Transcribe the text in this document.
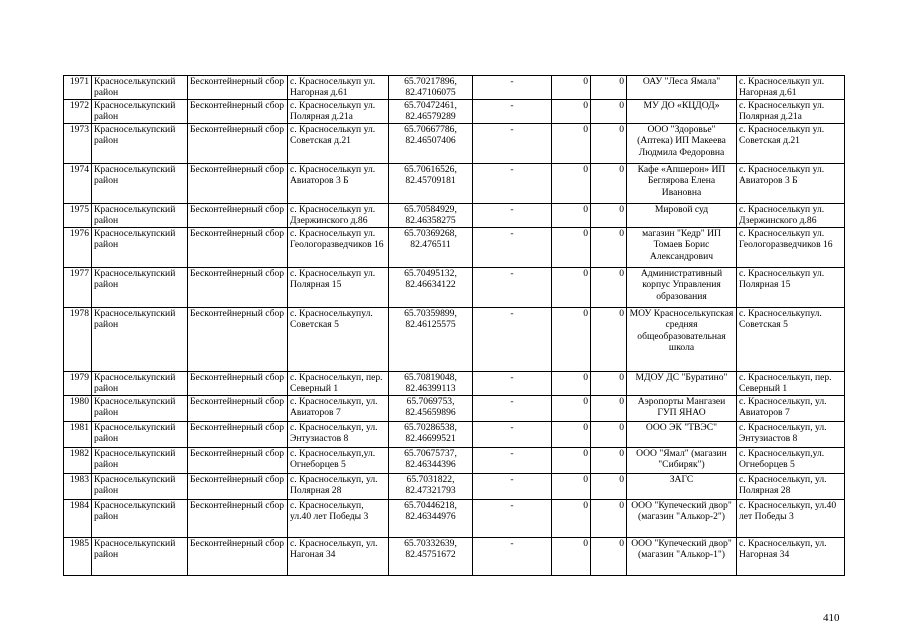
1971	Красноселькупский район	Бесконтейнерный сбор	с. Красноселькуп ул. Нагорная д.61	65.70217896, 82.47106075	-	0	0	ОАУ "Леса Ямала"	с. Красноселькуп ул. Нагорная д.61
1972	Красноселькупский район	Бесконтейнерный сбор	с. Красноселькуп ул. Полярная д.21а	65.70472461, 82.46579289	-	0	0	МУ ДО «КЦДОД»	с. Красноселькуп ул. Полярная д.21а
1973	Красноселькупский район	Бесконтейнерный сбор	с. Красноселькуп ул. Советская д.21	65.70667786, 82.46507406	-	0	0	ООО "Здоровье" (Аптека) ИП Макеева Людмила Федоровна	с. Красноселькуп ул. Советская д.21
1974	Красноселькупский район	Бесконтейнерный сбор	с. Красноселькуп ул. Авиаторов 3 Б	65.70616526, 82.45709181	-	0	0	Кафе «Апшерон» ИП Беглярова Елена Ивановна	с. Красноселькуп ул. Авиаторов 3 Б
1975	Красноселькупский район	Бесконтейнерный сбор	с. Красноселькуп ул. Дзержинского д.86	65.70584929, 82.46358275	-	0	0	Мировой суд	с. Красноселькуп ул. Дзержинского д.86
1976	Красноселькупский район	Бесконтейнерный сбор	с. Красноселькуп ул. Геологоразведчиков 16	65.70369268, 82.476511	-	0	0	магазин "Кедр" ИП Томаев Борис Александрович	с. Красноселькуп ул. Геологоразведчиков 16
1977	Красноселькупский район	Бесконтейнерный сбор	с. Красноселькуп ул. Полярная 15	65.70495132, 82.46634122	-	0	0	Административный корпус Управления образования	с. Красноселькуп ул. Полярная 15
1978	Красноселькупский район	Бесконтейнерный сбор	с. Красноселькупул. Советская 5	65.70359899, 82.46125575	-	0	0	МОУ Красноселькупская средняя общеобразовательная школа	с. Красноселькупул. Советская 5
1979	Красноселькупский район	Бесконтейнерный сбор	с. Красноселькуп, пер. Северный 1	65.70819048, 82.46399113	-	0	0	МДОУ ДС "Буратино"	с. Красноселькуп, пер. Северный 1
1980	Красноселькупский район	Бесконтейнерный сбор	с. Красноселькуп, ул. Авиаторов 7	65.7069753, 82.45659896	-	0	0	Аэропорты Мангазеи ГУП ЯНАО	с. Красноселькуп, ул. Авиаторов 7
1981	Красноселькупский район	Бесконтейнерный сбор	с. Красноселькуп, ул. Энтузиастов 8	65.70286538, 82.46699521	-	0	0	ООО ЭК "ТВЭС"	с. Красноселькуп, ул. Энтузиастов 8
1982	Красноселькупский район	Бесконтейнерный сбор	с. Красноселькуп,ул. Огнеборцев 5	65.70675737, 82.46344396	-	0	0	ООО "Ямал" (магазин "Сибиряк")	с. Красноселькуп,ул. Огнеборцев 5
1983	Красноселькупский район	Бесконтейнерный сбор	с. Красноселькуп, ул. Полярная 28	65.7031822, 82.47321793	-	0	0	ЗАГС	с. Красноселькуп, ул. Полярная 28
1984	Красноселькупский район	Бесконтейнерный сбор	с. Красноселькуп, ул.40 лет Победы 3	65.70446218, 82.46344976	-	0	0	ООО "Купеческий двор" (магазин "Алькор-2")	с. Красноселькуп, ул.40 лет Победы 3
1985	Красноселькупский район	Бесконтейнерный сбор	с. Красноселькуп, ул. Нагоная 34	65.70332639, 82.45751672	-	0	0	ООО "Купеческий двор" (магазин "Алькор-1")	с. Красноселькуп, ул. Нагорная 34
410
